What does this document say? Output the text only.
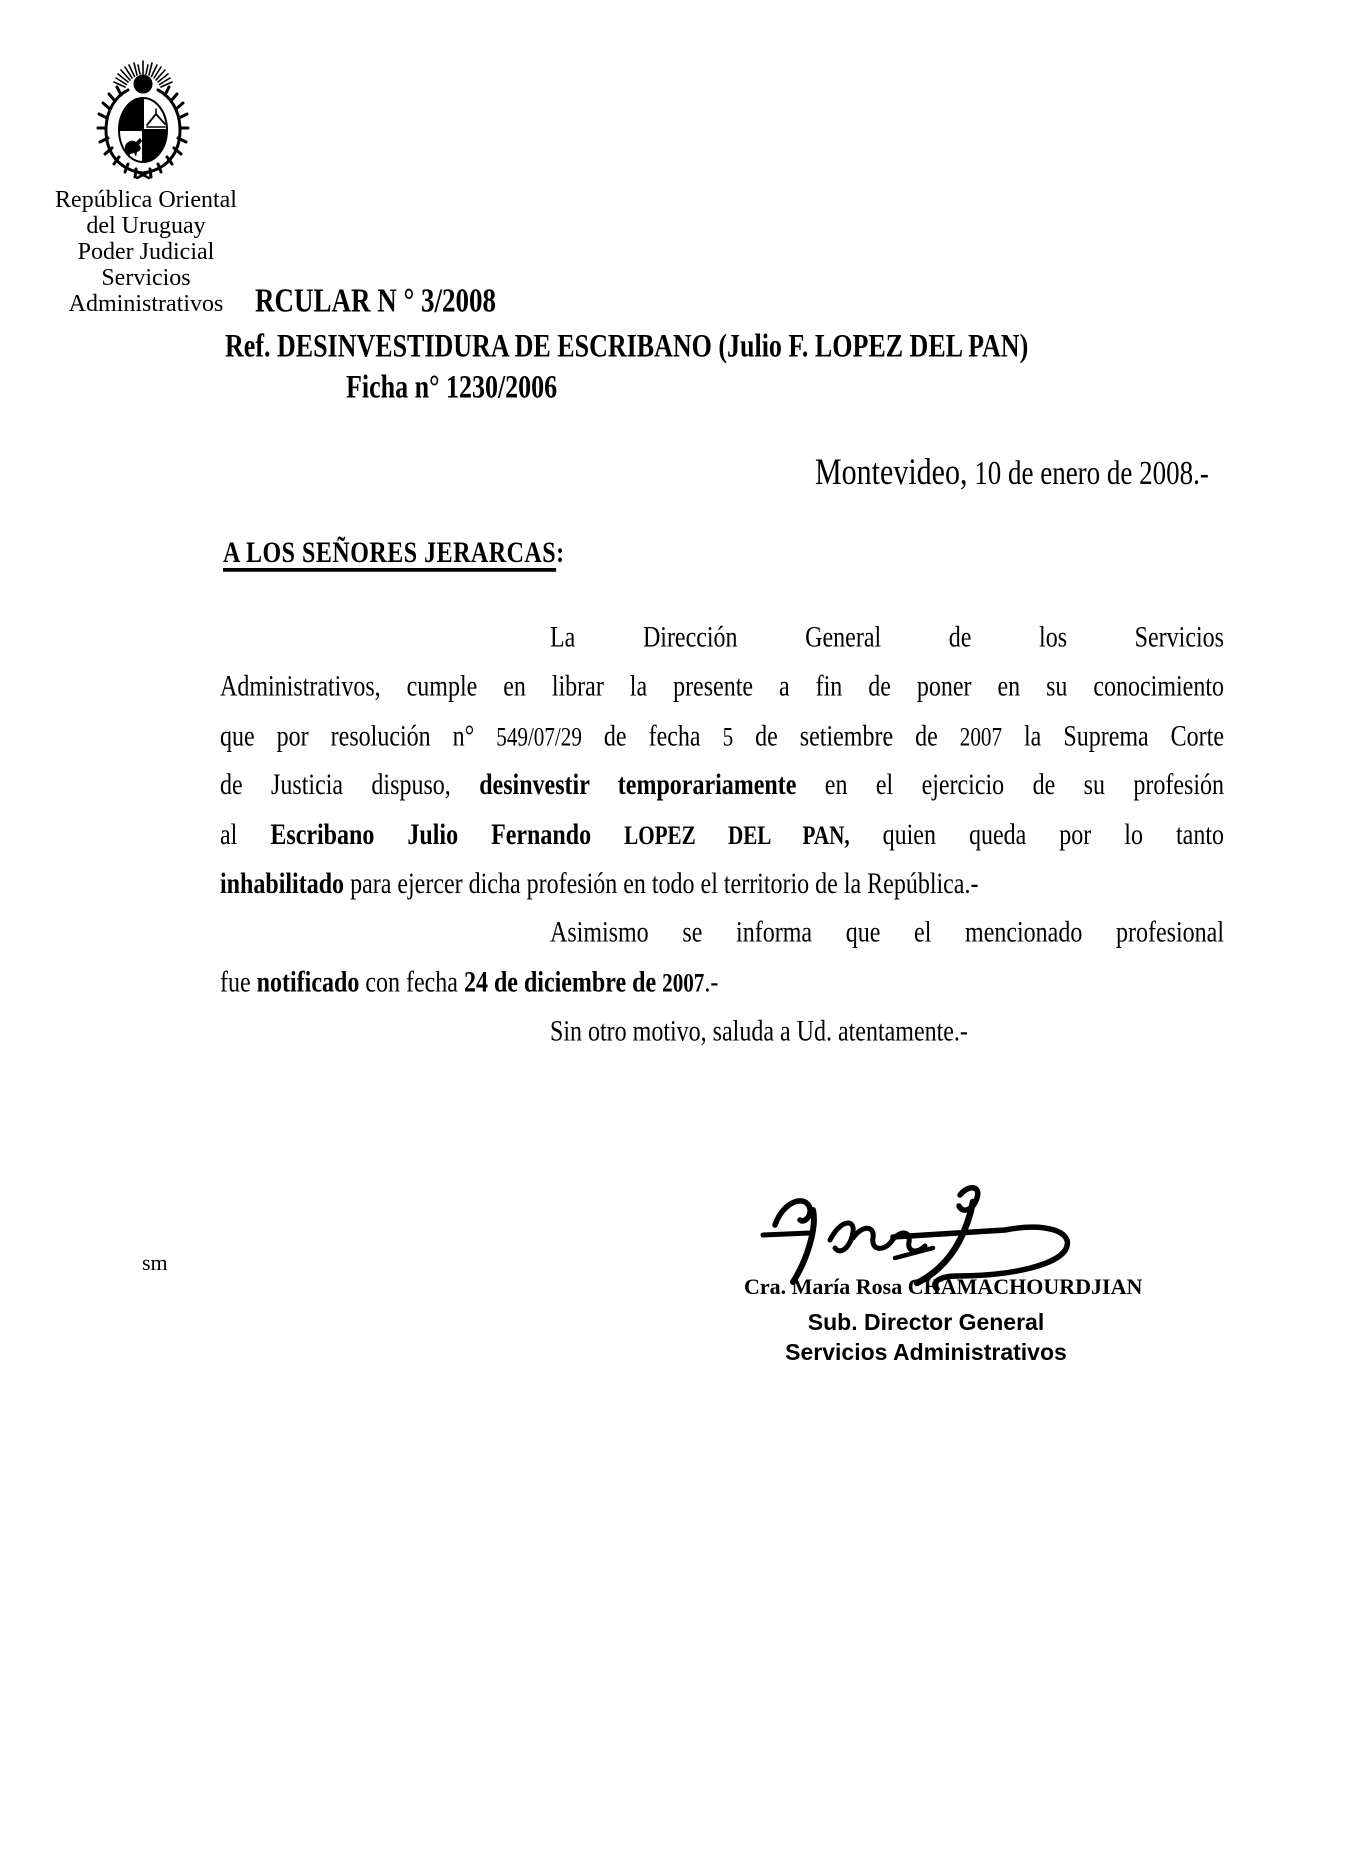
República Oriental
del Uruguay
Poder Judicial
Servicios
Administrativos	RCULAR N ° 3/2008
Ref. DESINVESTIDURA DE ESCRIBANO (Julio F. LOPEZ DEL PAN)
Ficha n° 1230/2006
Montevideo, 10 de enero de 2008.-
A LOS SEÑORES JERARCAS:
La Dirección General de los Servicios
Administrativos, cumple en librar la presente a fin de poner en su conocimiento
que por resolución n° 549/07/29 de fecha 5 de setiembre de 2007 la Suprema Corte
de Justicia dispuso, desinvestir temporariamente en el ejercicio de su profesión
al Escribano Julio Fernando LOPEZ DEL PAN, quien queda por lo tanto
inhabilitado para ejercer dicha profesión en todo el territorio de la República.-
Asimismo se informa que el mencionado profesional
fue notificado con fecha 24 de diciembre de 2007.-
Sin otro motivo, saluda a Ud. atentamente.-
sm
Cra. María Rosa CHAMACHOURDJIAN
Sub. Director General
Servicios Administrativos
